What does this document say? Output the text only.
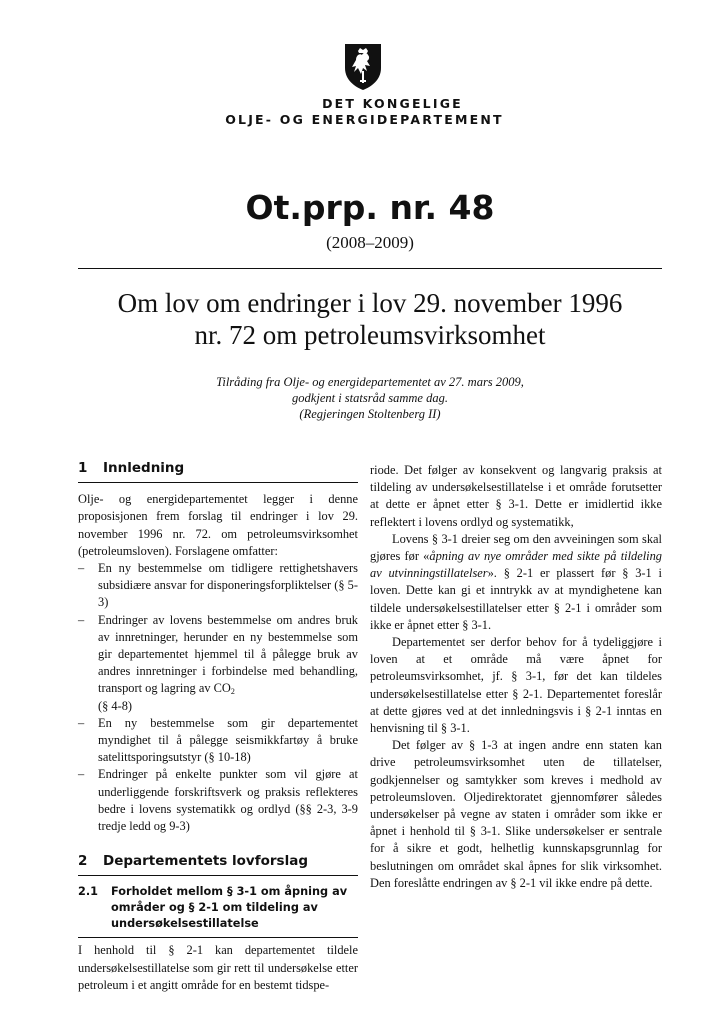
DET KONGELIGE
OLJE- OG ENERGIDEPARTEMENT
Ot.prp. nr. 48
(2008–2009)
Om lov om endringer i lov 29. november 1996
nr. 72 om petroleumsvirksomhet
Tilråding fra Olje- og energidepartementet av 27. mars 2009,
godkjent i statsråd samme dag.
(Regjeringen Stoltenberg II)
1	Innledning

Olje- og energidepartementet legger i denne proposisjonen frem forslag til endringer i lov 29. november 1996 nr. 72. om petroleumsvirksomhet (petroleumsloven). Forslagene omfatter:

– En ny bestemmelse om tidligere rettighetshavers subsidiære ansvar for disponeringsforpliktelser (§ 5-3)
– Endringer av lovens bestemmelse om andres bruk av innretninger, herunder en ny bestemmelse som gir departementet hjemmel til å pålegge bruk av andres innretninger i forbindelse med behandling, transport og lagring av $CO_2$
(§ 4-8)
– En ny bestemmelse som gir departementet myndighet til å pålegge seismikkfartøy å bruke satelittsporingsutstyr (§ 10-18)
– Endringer på enkelte punkter som vil gjøre at underliggende forskriftsverk og praksis reflekteres bedre i lovens systematikk og ordlyd (§§ 2-3, 3-9 tredje ledd og 9-3)
2	Departementets lovforslag
2.1	Forholdet mellom § 3-1 om åpning av områder og § 2-1 om tildeling av undersøkelsestillatelse

I henhold til § 2-1 kan departementet tildele undersøkelsestillatelse som gir rett til undersøkelse etter petroleum i et angitt område for en bestemt tidspe-

riode. Det følger av konsekvent og langvarig praksis at tildeling av undersøkelsestillatelse i et område forutsetter at dette er åpnet etter § 3-1. Dette er imidlertid ikke reflektert i lovens ordlyd og systematikk,

Lovens § 3-1 dreier seg om den avveiningen som skal gjøres før «åpning av nye områder med sikte på tildeling av utvinningstillatelser». § 2-1 er plassert før § 3-1 i loven. Dette kan gi et inntrykk av at myndighetene kan tildele undersøkelsestillatelser etter § 2-1 i områder som ikke er åpnet etter § 3-1.

Departementet ser derfor behov for å tydeliggjøre i loven at et område må være åpnet for petroleumsvirksomhet, jf. § 3-1, før det kan tildeles undersøkelsestillatelse etter § 2-1. Departementet foreslår at dette gjøres ved at det innledningsvis i § 2-1 inntas en henvisning til § 3-1.

Det følger av § 1-3 at ingen andre enn staten kan drive petroleumsvirksomhet uten de tillatelser, godkjennelser og samtykker som kreves i medhold av petroleumsloven. Oljedirektoratet gjennomfører således undersøkelser på vegne av staten i områder som ikke er åpnet i henhold til § 3-1. Slike undersøkelser er sentrale for å sikre et godt, helhetlig kunnskapsgrunnlag for beslutningen om området skal åpnes for slik virksomhet. Den foreslåtte endringen av § 2-1 vil ikke endre på dette.
